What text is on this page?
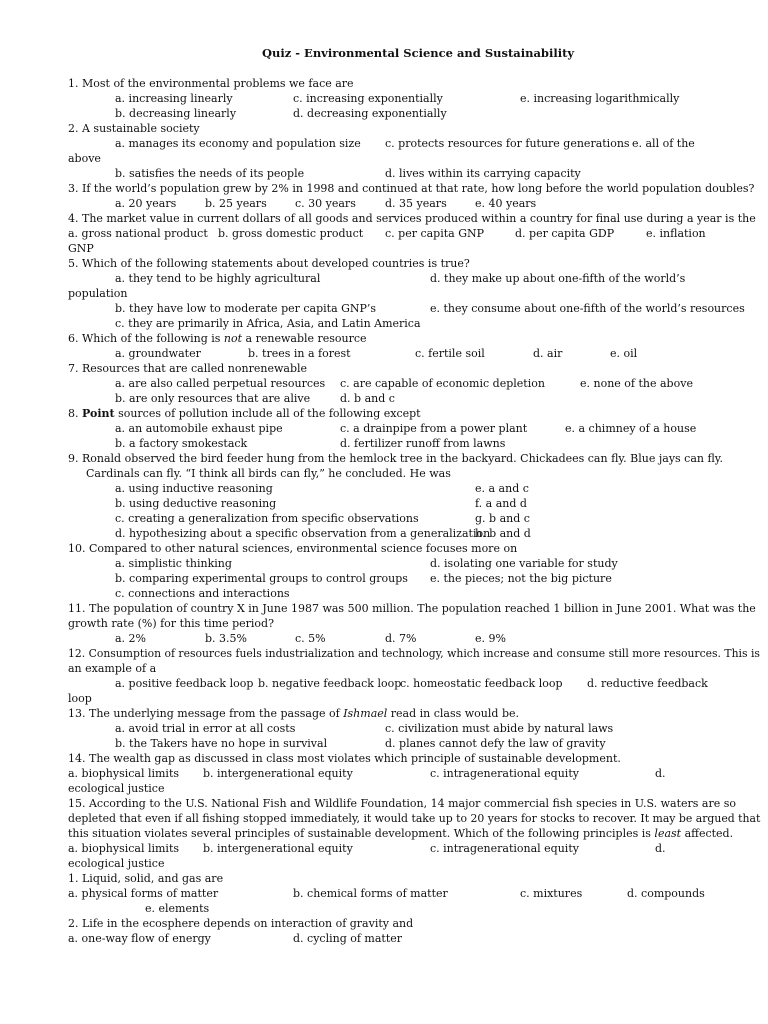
Quiz - Environmental Science and Sustainability
1. Most of the environmental problems we face are
a. increasing linearly	c. increasing exponentially	e. increasing logarithmically
b. decreasing linearly	d. decreasing exponentially
2. A sustainable society
a. manages its economy and population size c. protects resources for future generations e. all of the
above
b. satisfies the needs of its people	d. lives within its carrying capacity
3. If the world’s population grew by 2% in 1998 and continued at that rate, how long before the world population doubles?
a. 20 years	b. 25 years	c. 30 years	d. 35 years	e. 40 years
4. The market value in current dollars of all goods and services produced within a country for final use during a year is the
a. gross national product b. gross domestic product c. per capita GNP	d. per capita GDP	e. inflation
GNP
5. Which of the following statements about developed countries is true?
a. they tend to be highly agricultural	d. they make up about one-fifth of the world’s
population
b. they have low to moderate per capita GNP’s	e. they consume about one-fifth of the world’s resources
c. they are primarily in Africa, Asia, and Latin America
6. Which of the following is not a renewable resource
a. groundwater	b. trees in a forest	c. fertile soil	d. air	e. oil
7. Resources that are called nonrenewable
a. are also called perpetual resources c. are capable of economic depletion	e. none of the above
b. are only resources that are alive	d. b and c
8. Point sources of pollution include all of the following except
a. an automobile exhaust pipe	c. a drainpipe from a power plant	e. a chimney of a house
b. a factory smokestack	d. fertilizer runoff from lawns
9. Ronald observed the bird feeder hung from the hemlock tree in the backyard. Chickadees can fly. Blue jays can fly.
Cardinals can fly. “I think all birds can fly,” he concluded. He was
a. using inductive reasoning	e. a and c
b. using deductive reasoning	f. a and d
c. creating a generalization from specific observations	g. b and c
d. hypothesizing about a specific observation from a generalization
h. b and d
10. Compared to other natural sciences, environmental science focuses more on
a. simplistic thinking	d. isolating one variable for study
b. comparing experimental groups to control groups e. the pieces; not the big picture
c. connections and interactions
11. The population of country X in June 1987 was 500 million. The population reached 1 billion in June 2001. What was the
growth rate (%) for this time period?
a. 2%	b. 3.5%	c. 5%	d. 7%	e. 9%
12. Consumption of resources fuels industrialization and technology, which increase and consume still more resources. This is
an example of a
a. positive feedback loop b. negative feedback loop
c. homeostatic feedback loop d. reductive feedback
loop
13. The underlying message from the passage of Ishmael read in class would be.
a. avoid trial in error at all costs	c. civilization must abide by natural laws
b. the Takers have no hope in survival	d. planes cannot defy the law of gravity
14. The wealth gap as discussed in class most violates which principle of sustainable development.
a. biophysical limits b. intergenerational equity	c. intragenerational equity	d.
ecological justice
15. According to the U.S. National Fish and Wildlife Foundation, 14 major commercial fish species in U.S. waters are so
depleted that even if all fishing stopped immediately, it would take up to 20 years for stocks to recover. It may be argued that
this situation violates several principles of sustainable development. Which of the following principles is least affected.
a. biophysical limits b. intergenerational equity	c. intragenerational equity	d.
ecological justice
1. Liquid, solid, and gas are
a. physical forms of matter	b. chemical forms of matter	c. mixtures	d. compounds
e. elements
2. Life in the ecosphere depends on interaction of gravity and
a. one-way flow of energy	d. cycling of matter
